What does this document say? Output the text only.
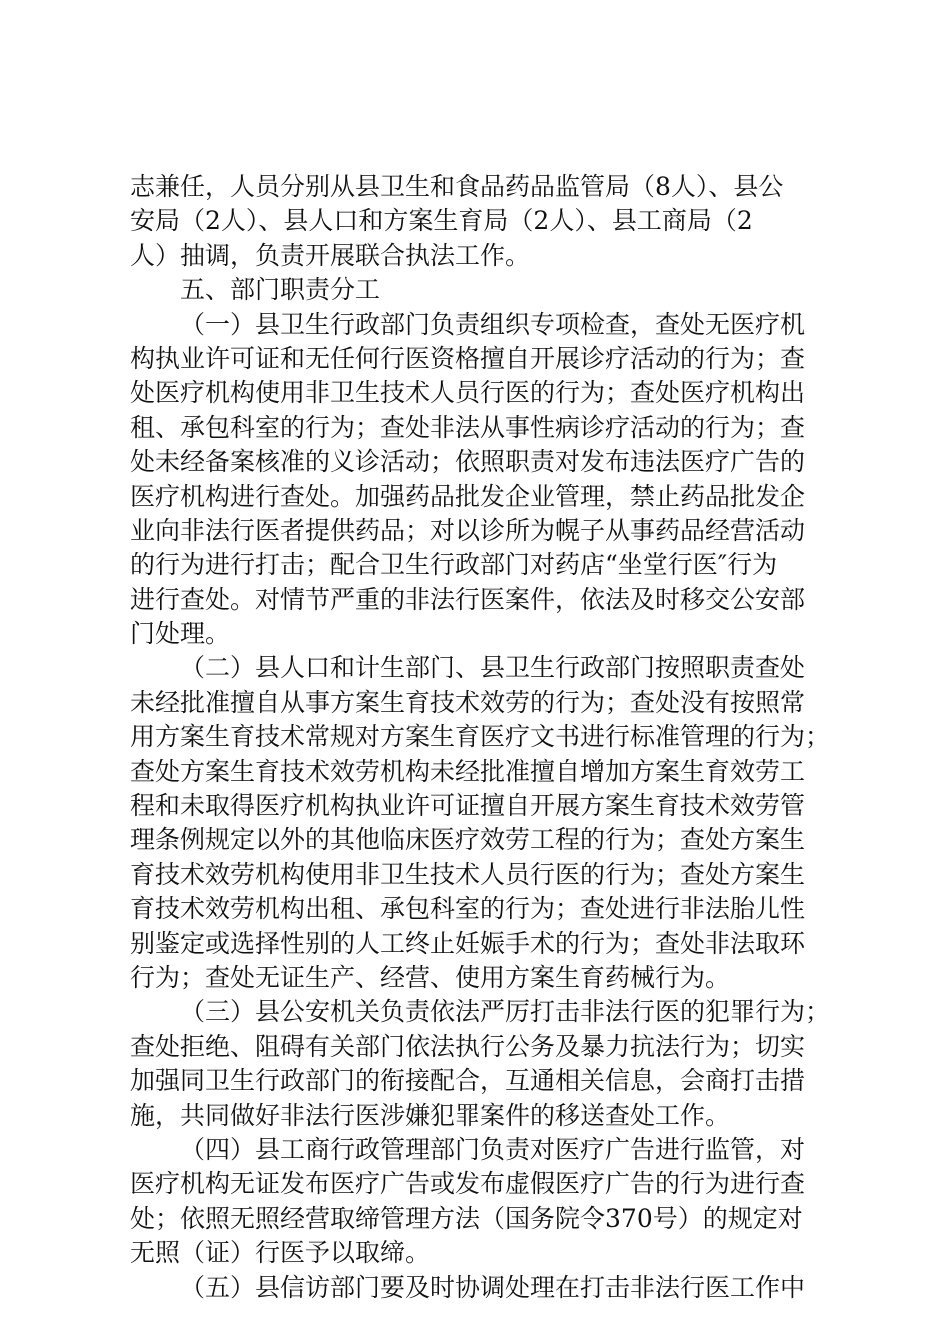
志兼任，人员分别从县卫生和食品药品监管局（8人）、县公
安局（2人）、县人口和方案生育局（2人）、县工商局（2
人）抽调，负责开展联合执法工作。
五、部门职责分工
（一）县卫生行政部门负责组织专项检查，查处无医疗机
构执业许可证和无任何行医资格擅自开展诊疗活动的行为；查
处医疗机构使用非卫生技术人员行医的行为；查处医疗机构出
租、承包科室的行为；查处非法从事性病诊疗活动的行为；查
处未经备案核准的义诊活动；依照职责对发布违法医疗广告的
医疗机构进行查处。加强药品批发企业管理，禁止药品批发企
业向非法行医者提供药品；对以诊所为幌子从事药品经营活动
的行为进行打击；配合卫生行政部门对药店“坐堂行医″行为
进行查处。对情节严重的非法行医案件，依法及时移交公安部
门处理。
（二）县人口和计生部门、县卫生行政部门按照职责查处
未经批准擅自从事方案生育技术效劳的行为；查处没有按照常
用方案生育技术常规对方案生育医疗文书进行标准管理的行为；
查处方案生育技术效劳机构未经批准擅自增加方案生育效劳工
程和未取得医疗机构执业许可证擅自开展方案生育技术效劳管
理条例规定以外的其他临床医疗效劳工程的行为；查处方案生
育技术效劳机构使用非卫生技术人员行医的行为；查处方案生
育技术效劳机构出租、承包科室的行为；查处进行非法胎儿性
别鉴定或选择性别的人工终止妊娠手术的行为；查处非法取环
行为；查处无证生产、经营、使用方案生育药械行为。
（三）县公安机关负责依法严厉打击非法行医的犯罪行为；
查处拒绝、阻碍有关部门依法执行公务及暴力抗法行为；切实
加强同卫生行政部门的衔接配合，互通相关信息，会商打击措
施，共同做好非法行医涉嫌犯罪案件的移送查处工作。
（四）县工商行政管理部门负责对医疗广告进行监管，对
医疗机构无证发布医疗广告或发布虚假医疗广告的行为进行查
处；依照无照经营取缔管理方法（国务院令370号）的规定对
无照（证）行医予以取缔。
（五）县信访部门要及时协调处理在打击非法行医工作中
